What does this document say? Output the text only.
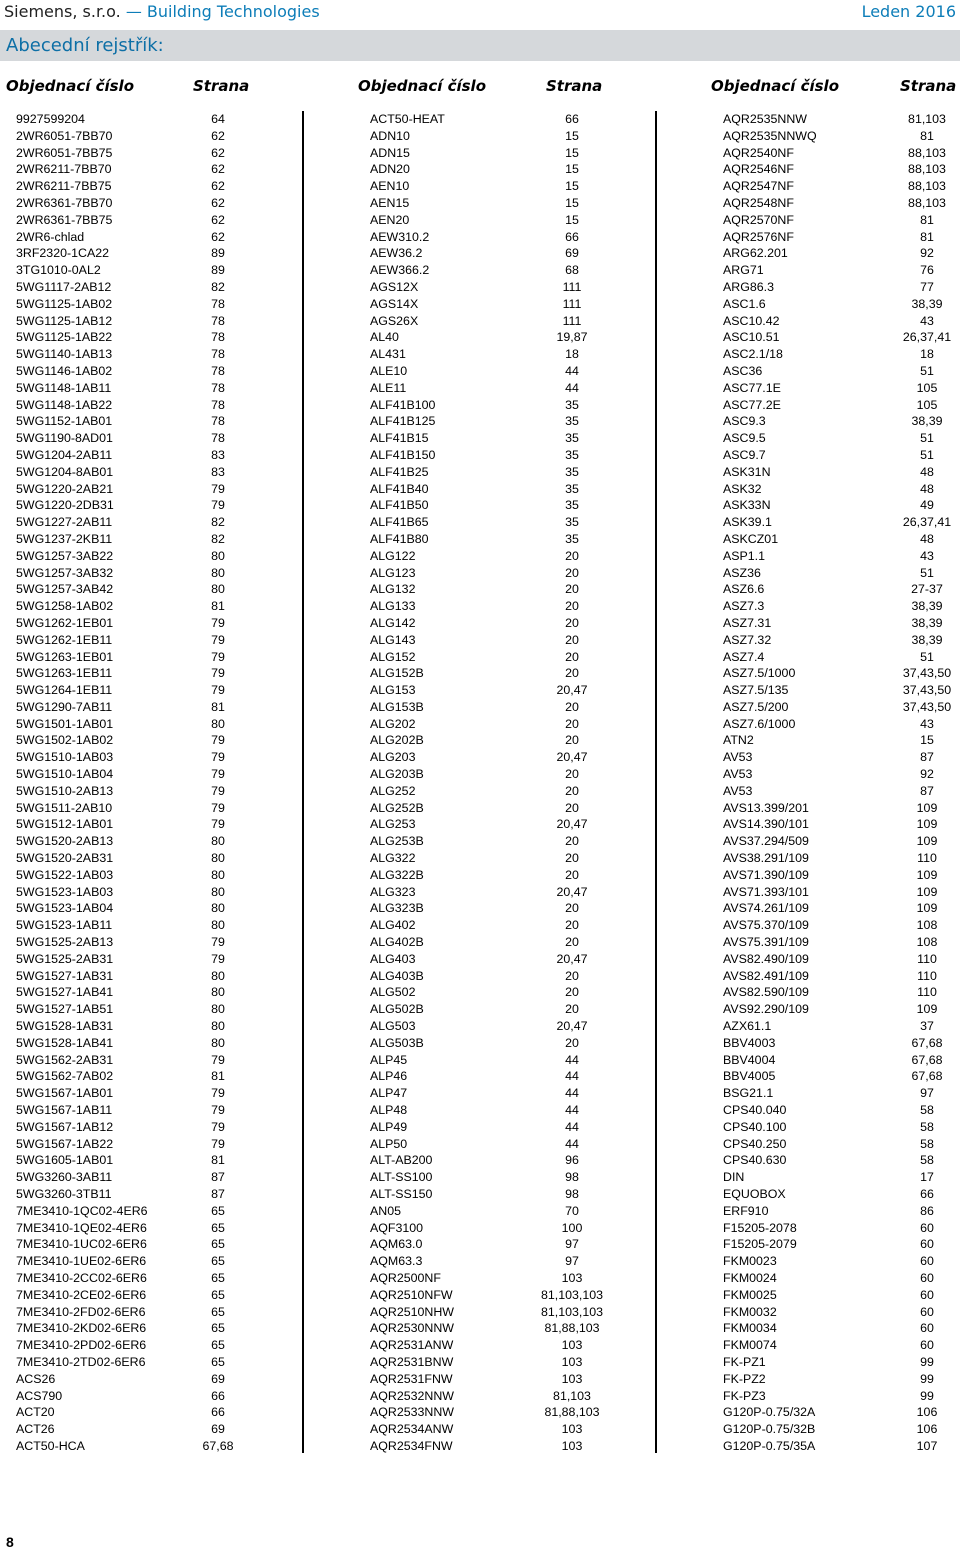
Siemens, s.r.o. — Building Technologies	Leden 2016
Abecední rejstřík:
Objednací číslo	Strana
9927599204	64
2WR6051-7BB70	62
2WR6051-7BB75	62
2WR6211-7BB70	62
2WR6211-7BB75	62
2WR6361-7BB70	62
2WR6361-7BB75	62
2WR6-chlad	62
3RF2320-1CA22	89
3TG1010-0AL2	89
5WG1117-2AB12	82
5WG1125-1AB02	78
5WG1125-1AB12	78
5WG1125-1AB22	78
5WG1140-1AB13	78
5WG1146-1AB02	78
5WG1148-1AB11	78
5WG1148-1AB22	78
5WG1152-1AB01	78
5WG1190-8AD01	78
5WG1204-2AB11	83
5WG1204-8AB01	83
5WG1220-2AB21	79
5WG1220-2DB31	79
5WG1227-2AB11	82
5WG1237-2KB11	82
5WG1257-3AB22	80
5WG1257-3AB32	80
5WG1257-3AB42	80
5WG1258-1AB02	81
5WG1262-1EB01	79
5WG1262-1EB11	79
5WG1263-1EB01	79
5WG1263-1EB11	79
5WG1264-1EB11	79
5WG1290-7AB11	81
5WG1501-1AB01	80
5WG1502-1AB02	79
5WG1510-1AB03	79
5WG1510-1AB04	79
5WG1510-2AB13	79
5WG1511-2AB10	79
5WG1512-1AB01	79
5WG1520-2AB13	80
5WG1520-2AB31	80
5WG1522-1AB03	80
5WG1523-1AB03	80
5WG1523-1AB04	80
5WG1523-1AB11	80
5WG1525-2AB13	79
5WG1525-2AB31	79
5WG1527-1AB31	80
5WG1527-1AB41	80
5WG1527-1AB51	80
5WG1528-1AB31	80
5WG1528-1AB41	80
5WG1562-2AB31	79
5WG1562-7AB02	81
5WG1567-1AB01	79
5WG1567-1AB11	79
5WG1567-1AB12	79
5WG1567-1AB22	79
5WG1605-1AB01	81
5WG3260-3AB11	87
5WG3260-3TB11	87
7ME3410-1QC02-4ER6	65
7ME3410-1QE02-4ER6	65
7ME3410-1UC02-6ER6	65
7ME3410-1UE02-6ER6	65
7ME3410-2CC02-6ER6	65
7ME3410-2CE02-6ER6	65
7ME3410-2FD02-6ER6	65
7ME3410-2KD02-6ER6	65
7ME3410-2PD02-6ER6	65
7ME3410-2TD02-6ER6	65
ACS26	69
ACS790	66
ACT20	66
ACT26	69
ACT50-HCA	67,68
Objednací číslo	Strana
ACT50-HEAT	66
ADN10	15
ADN15	15
ADN20	15
AEN10	15
AEN15	15
AEN20	15
AEW310.2	66
AEW36.2	69
AEW366.2	68
AGS12X	111
AGS14X	111
AGS26X	111
AL40	19,87
AL431	18
ALE10	44
ALE11	44
ALF41B100	35
ALF41B125	35
ALF41B15	35
ALF41B150	35
ALF41B25	35
ALF41B40	35
ALF41B50	35
ALF41B65	35
ALF41B80	35
ALG122	20
ALG123	20
ALG132	20
ALG133	20
ALG142	20
ALG143	20
ALG152	20
ALG152B	20
ALG153	20,47
ALG153B	20
ALG202	20
ALG202B	20
ALG203	20,47
ALG203B	20
ALG252	20
ALG252B	20
ALG253	20,47
ALG253B	20
ALG322	20
ALG322B	20
ALG323	20,47
ALG323B	20
ALG402	20
ALG402B	20
ALG403	20,47
ALG403B	20
ALG502	20
ALG502B	20
ALG503	20,47
ALG503B	20
ALP45	44
ALP46	44
ALP47	44
ALP48	44
ALP49	44
ALP50	44
ALT-AB200	96
ALT-SS100	98
ALT-SS150	98
AN05	70
AQF3100	100
AQM63.0	97
AQM63.3	97
AQR2500NF	103
AQR2510NFW	81,103,103
AQR2510NHW	81,103,103
AQR2530NNW	81,88,103
AQR2531ANW	103
AQR2531BNW	103
AQR2531FNW	103
AQR2532NNW	81,103
AQR2533NNW	81,88,103
AQR2534ANW	103
AQR2534FNW	103
Objednací číslo	Strana
AQR2535NNW	81,103
AQR2535NNWQ	81
AQR2540NF	88,103
AQR2546NF	88,103
AQR2547NF	88,103
AQR2548NF	88,103
AQR2570NF	81
AQR2576NF	81
ARG62.201	92
ARG71	76
ARG86.3	77
ASC1.6	38,39
ASC10.42	43
ASC10.51	26,37,41
ASC2.1/18	18
ASC36	51
ASC77.1E	105
ASC77.2E	105
ASC9.3	38,39
ASC9.5	51
ASC9.7	51
ASK31N	48
ASK32	48
ASK33N	49
ASK39.1	26,37,41
ASKCZ01	48
ASP1.1	43
ASZ36	51
ASZ6.6	27-37
ASZ7.3	38,39
ASZ7.31	38,39
ASZ7.32	38,39
ASZ7.4	51
ASZ7.5/1000	37,43,50
ASZ7.5/135	37,43,50
ASZ7.5/200	37,43,50
ASZ7.6/1000	43
ATN2	15
AV53	87
AV53	92
AV53	87
AVS13.399/201	109
AVS14.390/101	109
AVS37.294/509	109
AVS38.291/109	110
AVS71.390/109	109
AVS71.393/101	109
AVS74.261/109	109
AVS75.370/109	108
AVS75.391/109	108
AVS82.490/109	110
AVS82.491/109	110
AVS82.590/109	110
AVS92.290/109	109
AZX61.1	37
BBV4003	67,68
BBV4004	67,68
BBV4005	67,68
BSG21.1	97
CPS40.040	58
CPS40.100	58
CPS40.250	58
CPS40.630	58
DIN	17
EQUOBOX	66
ERF910	86
F15205-2078	60
F15205-2079	60
FKM0023	60
FKM0024	60
FKM0025	60
FKM0032	60
FKM0034	60
FKM0074	60
FK-PZ1	99
FK-PZ2	99
FK-PZ3	99
G120P-0.75/32A	106
G120P-0.75/32B	106
G120P-0.75/35A	107
8
